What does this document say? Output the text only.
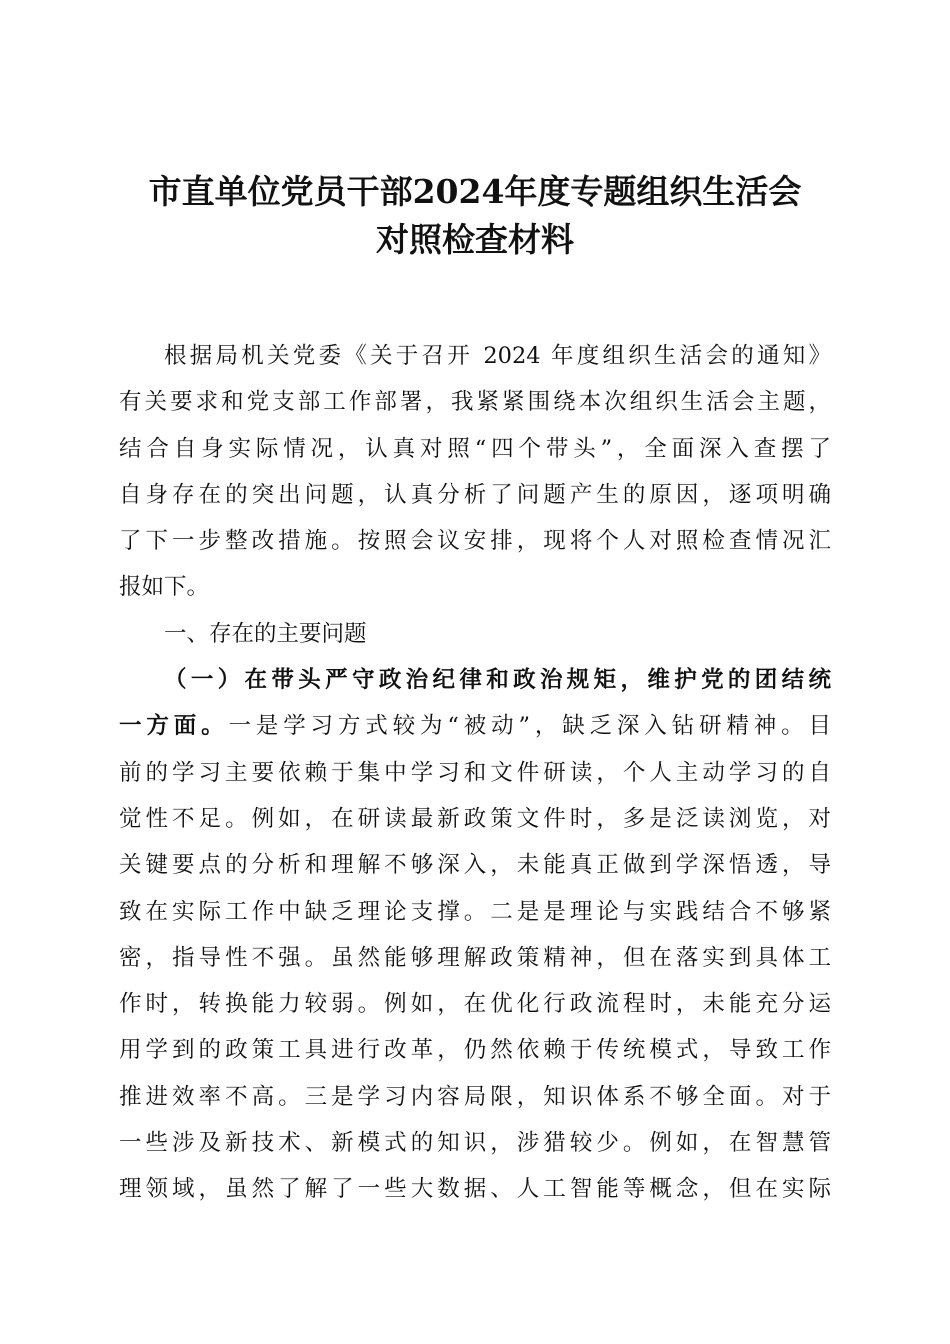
市直单位党员干部2024年度专题组织生活会
对照检查材料
根据局机关党委《关于召开 2024 年度组织生活会的通知》
有关要求和党支部工作部署，我紧紧围绕本次组织生活会主题，
结合自身实际情况，认真对照“四个带头”，全面深入查摆了
自身存在的突出问题，认真分析了问题产生的原因，逐项明确
了下一步整改措施。按照会议安排，现将个人对照检查情况汇
报如下。
一、存在的主要问题
（一）在带头严守政治纪律和政治规矩，维护党的团结统
一方面。一是学习方式较为“被动”，缺乏深入钻研精神。目
前的学习主要依赖于集中学习和文件研读，个人主动学习的自
觉性不足。例如，在研读最新政策文件时，多是泛读浏览，对
关键要点的分析和理解不够深入，未能真正做到学深悟透，导
致在实际工作中缺乏理论支撑。二是是理论与实践结合不够紧
密，指导性不强。虽然能够理解政策精神，但在落实到具体工
作时，转换能力较弱。例如，在优化行政流程时，未能充分运
用学到的政策工具进行改革，仍然依赖于传统模式，导致工作
推进效率不高。三是学习内容局限，知识体系不够全面。对于
一些涉及新技术、新模式的知识，涉猎较少。例如，在智慧管
理领域，虽然了解了一些大数据、人工智能等概念，但在实际
